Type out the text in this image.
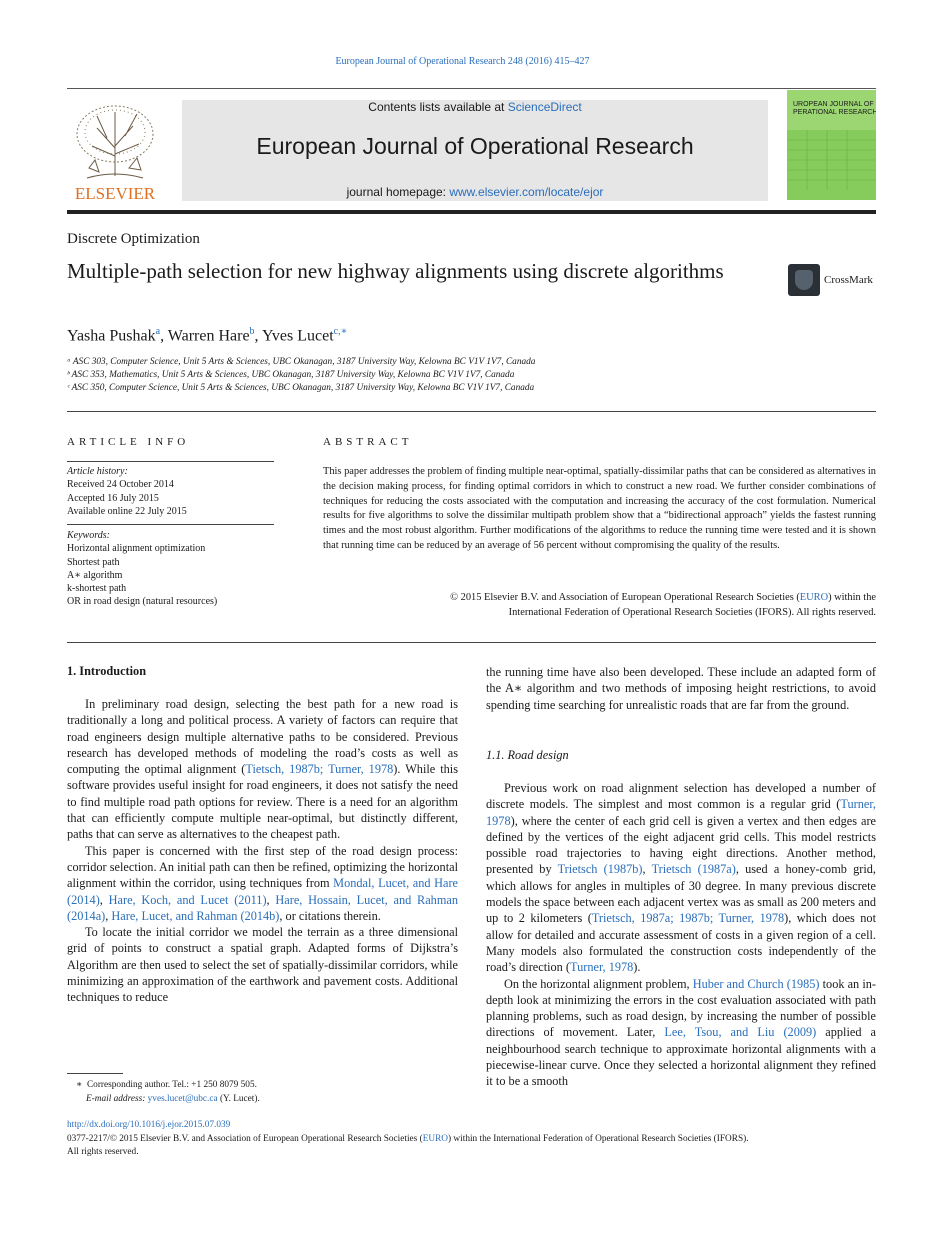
European Journal of Operational Research 248 (2016) 415–427
ELSEVIER
Contents lists available at ScienceDirect
European Journal of Operational Research
journal homepage: www.elsevier.com/locate/ejor
UROPEAN JOURNAL OF
PERATIONAL RESEARCH
Discrete Optimization
Multiple-path selection for new highway alignments using discrete algorithms	CrossMark
Yasha Pushak$^a$, Warren Hare$^b$, Yves Lucet$^{c,∗}$
ᵃ ASC 303, Computer Science, Unit 5 Arts & Sciences, UBC Okanagan, 3187 University Way, Kelowna BC V1V 1V7, Canada
ᵇ ASC 353, Mathematics, Unit 5 Arts & Sciences, UBC Okanagan, 3187 University Way, Kelowna BC V1V 1V7, Canada
ᶜ ASC 350, Computer Science, Unit 5 Arts & Sciences, UBC Okanagan, 3187 University Way, Kelowna BC V1V 1V7, Canada
ARTICLE INFO
Article history:
Received 24 October 2014
Accepted 16 July 2015
Available online 22 July 2015
Keywords:
Horizontal alignment optimization
Shortest path
A∗ algorithm
k-shortest path
OR in road design (natural resources)
ABSTRACT
This paper addresses the problem of finding multiple near-optimal, spatially-dissimilar paths that can be considered as alternatives in the decision making process, for finding optimal corridors in which to construct a new road. We further consider combinations of techniques for reducing the costs associated with the computation and increasing the accuracy of the cost formulation. Numerical results for five algorithms to solve the dissimilar multipath problem show that a “bidirectional approach” yields the fastest running times and the most robust algorithm. Further modifications of the algorithms to reduce the running time were tested and it is shown that running time can be reduced by an average of 56 percent without compromising the quality of the results.
© 2015 Elsevier B.V. and Association of European Operational Research Societies (EURO) within the
International Federation of Operational Research Societies (IFORS). All rights reserved.
1. Introduction

In preliminary road design, selecting the best path for a new road is traditionally a long and political process. A variety of factors can require that road engineers design multiple alternative paths to be considered. Previous research has developed methods of modeling the road’s costs as well as computing the optimal alignment (Tietsch, 1987b; Turner, 1978). While this software provides useful insight for road engineers, it does not satisfy the need to find multiple road path options for review. There is a need for an algorithm that can efficiently compute multiple near-optimal, but distinctly different, paths that can serve as alternatives to the cheapest path.

This paper is concerned with the first step of the road design process: corridor selection. An initial path can then be refined, optimizing the horizontal alignment within the corridor, using techniques from Mondal, Lucet, and Hare (2014), Hare, Koch, and Lucet (2011), Hare, Hossain, Lucet, and Rahman (2014a), Hare, Lucet, and Rahman (2014b), or citations therein.

To locate the initial corridor we model the terrain as a three dimensional grid of points to construct a spatial graph. Adapted forms of Dijkstra’s Algorithm are then used to select the set of spatially-dissimilar corridors, while minimizing an approximation of the earthwork and pavement costs. Additional techniques to reduce

the running time have also been developed. These include an adapted form of the A∗ algorithm and two methods of imposing height restrictions, to avoid spending time searching for unrealistic roads that are far from the ground.

1.1. Road design

Previous work on road alignment selection has developed a number of discrete models. The simplest and most common is a regular grid (Turner, 1978), where the center of each grid cell is given a vertex and then edges are defined by the vertices of the eight adjacent grid cells. This model restricts possible road trajectories to having eight directions. Another method, presented by Trietsch (1987b), Trietsch (1987a), used a honey-comb grid, which allows for angles in multiples of 30 degree. In many previous discrete models the space between each adjacent vertex was as small as 200 meters and up to 2 kilometers (Trietsch, 1987a; 1987b; Turner, 1978), which does not allow for detailed and accurate assessment of costs in a given region of a cell. Many models also formulated the construction costs independently of the road’s direction (Turner, 1978).

On the horizontal alignment problem, Huber and Church (1985) took an in-depth look at minimizing the errors in the cost evaluation associated with path planning problems, such as road design, by increasing the number of possible directions of movement. Later, Lee, Tsou, and Liu (2009) applied a neighbourhood search technique to approximate horizontal alignments with a piecewise-linear curve. Once they selected a horizontal alignment they refined it to be a smooth

∗ Corresponding author. Tel.: +1 250 8079 505.
E-mail address: yves.lucet@ubc.ca (Y. Lucet).
http://dx.doi.org/10.1016/j.ejor.2015.07.039
0377-2217/© 2015 Elsevier B.V. and Association of European Operational Research Societies (EURO) within the International Federation of Operational Research Societies (IFORS).
All rights reserved.
